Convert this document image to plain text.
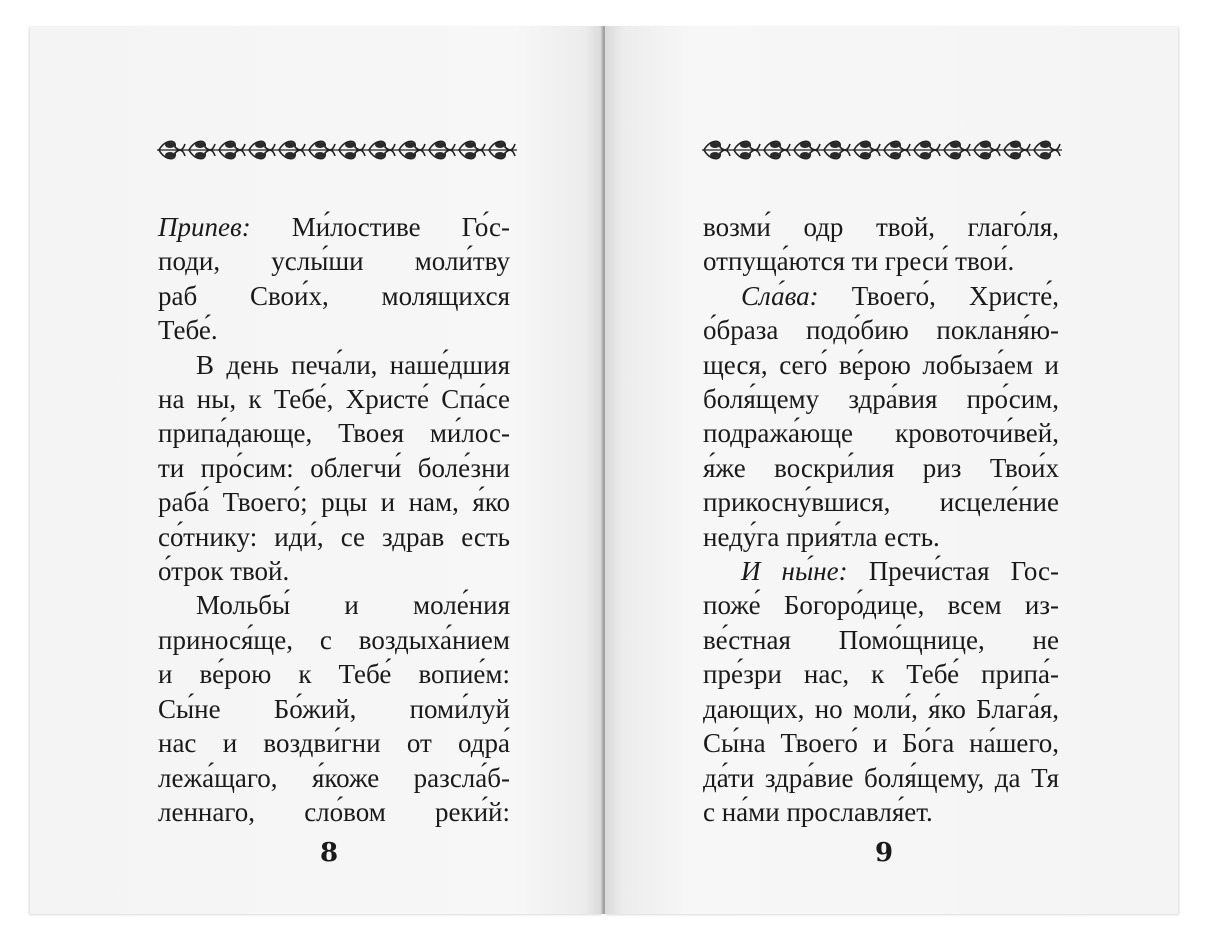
Припев: Ми́лостиве Го́с-
поди, услы́ши моли́тву
раб Свои́х, молящихся
Тебе́.
В день печа́ли, наше́дшия
на ны, к Тебе́, Христе́ Спа́се
припа́дающе, Твоея ми́лос-
ти про́сим: облегчи́ боле́зни
раба́ Твоего́; рцы и нам, я́ко
со́тнику: иди́, се здрав есть
о́трок твой.
Мольбы́ и моле́ния
принося́ще, с воздыха́нием
и ве́рою к Тебе́ вопие́м:
Сы́не Бо́жий, поми́луй
нас и воздви́гни от одра́
лежа́щаго, я́коже разсла́б-
леннаго, сло́вом реки́й:
8
возми́ одр твой, глаго́ля,
отпуща́ются ти греси́ твои́.
Сла́ва: Твоего́, Христе́,
о́браза подо́бию покланя́ю-
щеся, сего́ ве́рою лобыза́ем и
боля́щему здра́вия про́сим,
подража́юще кровоточи́вей,
я́же воскри́лия риз Твои́х
прикосну́вшися, исцеле́ние
неду́га прия́тла есть.
И ны́не: Пречи́стая Гос-
поже́ Богоро́дице, всем из-
ве́стная Помо́щнице, не
пре́зри нас, к Тебе́ припа́-
дающих, но моли́, я́ко Блага́я,
Сы́на Твоего́ и Бо́га на́шего,
да́ти здра́вие боля́щему, да Тя
с на́ми прославля́ет.
9
